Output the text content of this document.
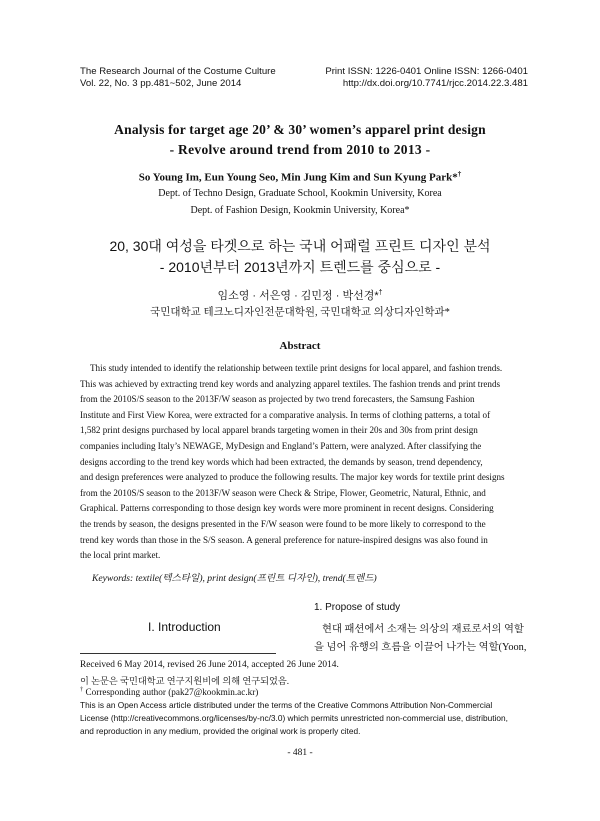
The Research Journal of the Costume Culture
Vol. 22, No. 3 pp.481~502, June 2014
Print ISSN: 1226-0401 Online ISSN: 1266-0401
http://dx.doi.org/10.7741/rjcc.2014.22.3.481
Analysis for target age 20’ & 30’ women’s apparel print design
- Revolve around trend from 2010 to 2013 -
So Young Im, Eun Young Seo, Min Jung Kim and Sun Kyung Park*†
Dept. of Techno Design, Graduate School, Kookmin University, Korea
Dept. of Fashion Design, Kookmin University, Korea*
20, 30대 여성을 타겟으로 하는 국내 어패럴 프린트 디자인 분석
- 2010년부터 2013년까지 트렌드를 중심으로 -
임소영 · 서은영 · 김민정 · 박선경*†
국민대학교 테크노디자인전문대학원, 국민대학교 의상디자인학과*
Abstract
This study intended to identify the relationship between textile print designs for local apparel, and fashion trends.
This was achieved by extracting trend key words and analyzing apparel textiles. The fashion trends and print trends
from the 2010S/S season to the 2013F/W season as projected by two trend forecasters, the Samsung Fashion
Institute and First View Korea, were extracted for a comparative analysis. In terms of clothing patterns, a total of
1,582 print designs purchased by local apparel brands targeting women in their 20s and 30s from print design
companies including Italy’s NEWAGE, MyDesign and England’s Pattern, were analyzed. After classifying the
designs according to the trend key words which had been extracted, the demands by season, trend dependency,
and design preferences were analyzed to produce the following results. The major key words for textile print designs
from the 2010S/S season to the 2013F/W season were Check & Stripe, Flower, Geometric, Natural, Ethnic, and
Graphical. Patterns corresponding to those design key words were more prominent in recent designs. Considering
the trends by season, the designs presented in the F/W season were found to be more likely to correspond to the
trend key words than those in the S/S season. A general preference for nature-inspired designs was also found in
the local print market.
Keywords: textile(텍스타일), print design(프린트 디자인), trend(트렌드)
I. Introduction
1. Propose of study
현대 패션에서 소재는 의상의 재료로서의 역할
을 넘어 유행의 흐름을 이끌어 나가는 역할(Yoon,
Received 6 May 2014, revised 26 June 2014, accepted 26 June 2014.
이 논문은 국민대학교 연구지원비에 의해 연구되었음.
† Corresponding author (pak27@kookmin.ac.kr)
This is an Open Access article distributed under the terms of the Creative Commons Attribution Non-Commercial
License (http://creativecommons.org/licenses/by-nc/3.0) which permits unrestricted non-commercial use, distribution,
and reproduction in any medium, provided the original work is properly cited.
- 481 -
